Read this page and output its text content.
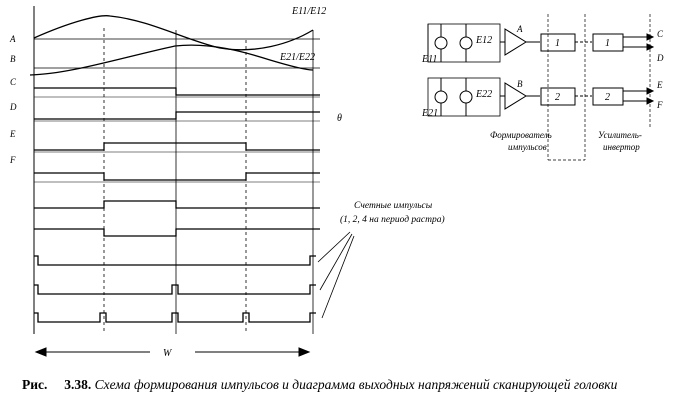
A
B
C
D
E
F
E11/E12
E21/E22
θ
W
Счетные импульсы
(1, 2, 4 на период растра)
E11
E12
E21
E22
A
B
1
2
1
2
C
D
E
F
Формирователь
импульсов
Усилитель-
инвертор
Рис. 3.38. Схема формирования импульсов и диаграмма выходных напряжений сканирующей головки
